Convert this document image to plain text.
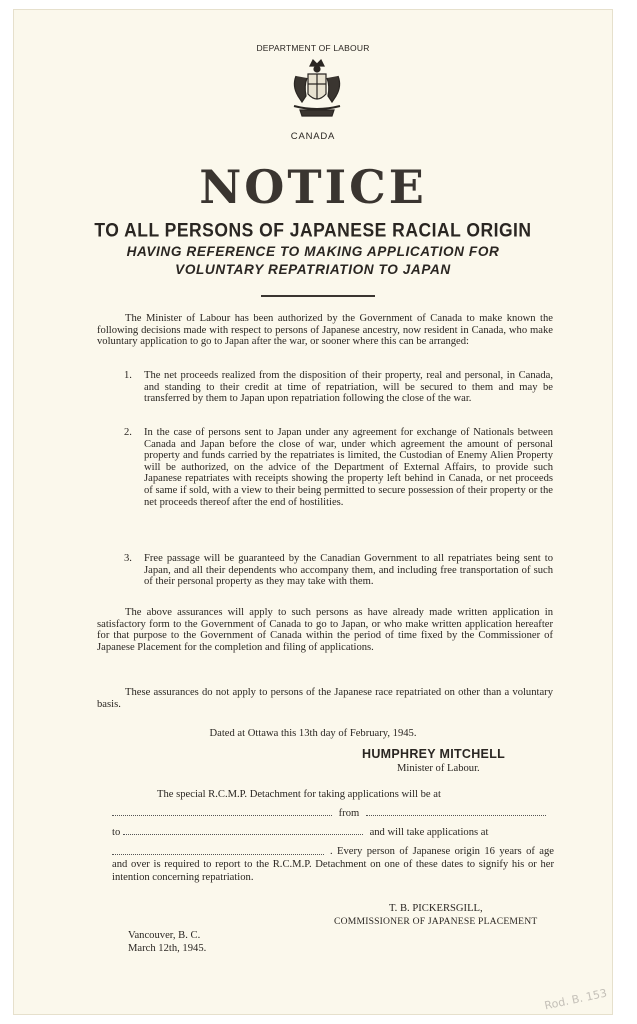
DEPARTMENT OF LABOUR
CANADA
NOTICE
TO ALL PERSONS OF JAPANESE RACIAL ORIGIN
HAVING REFERENCE TO MAKING APPLICATION FOR
VOLUNTARY REPATRIATION TO JAPAN
The Minister of Labour has been authorized by the Government of Canada to make known the following decisions made with respect to persons of Japanese ancestry, now resident in Canada, who make voluntary application to go to Japan after the war, or sooner where this can be arranged:
1. The net proceeds realized from the disposition of their property, real and personal, in Canada, and standing to their credit at time of repatriation, will be secured to them and may be transferred by them to Japan upon repatriation following the close of the war.
2. In the case of persons sent to Japan under any agreement for exchange of Nationals between Canada and Japan before the close of war, under which agreement the amount of personal property and funds carried by the repatriates is limited, the Custodian of Enemy Alien Property will be authorized, on the advice of the Department of External Affairs, to provide such Japanese repatriates with receipts showing the property left behind in Canada, or net proceeds of same if sold, with a view to their being permitted to secure possession of their property or the net proceeds thereof after the end of hostilities.
3. Free passage will be guaranteed by the Canadian Government to all repatriates being sent to Japan, and all their dependents who accompany them, and including free transportation of such of their personal property as they may take with them.
The above assurances will apply to such persons as have already made written application in satisfactory form to the Government of Canada to go to Japan, or who make written application hereafter for that purpose to the Government of Canada within the period of time fixed by the Commissioner of Japanese Placement for the completion and filing of applications.
These assurances do not apply to persons of the Japanese race repatriated on other than a voluntary basis.
Dated at Ottawa this 13th day of February, 1945.
HUMPHREY MITCHELL
Minister of Labour.
The special R.C.M.P. Detachment for taking applications will be at
from
to	and will take applications at
. Every person of Japanese origin 16 years of age and over is required to report to the R.C.M.P. Detachment on one of these dates to signify his or her intention concerning repatriation.
T. B. PICKERSGILL,
COMMISSIONER OF JAPANESE PLACEMENT
Vancouver, B. C.
March 12th, 1945.
Rod. B. 153
